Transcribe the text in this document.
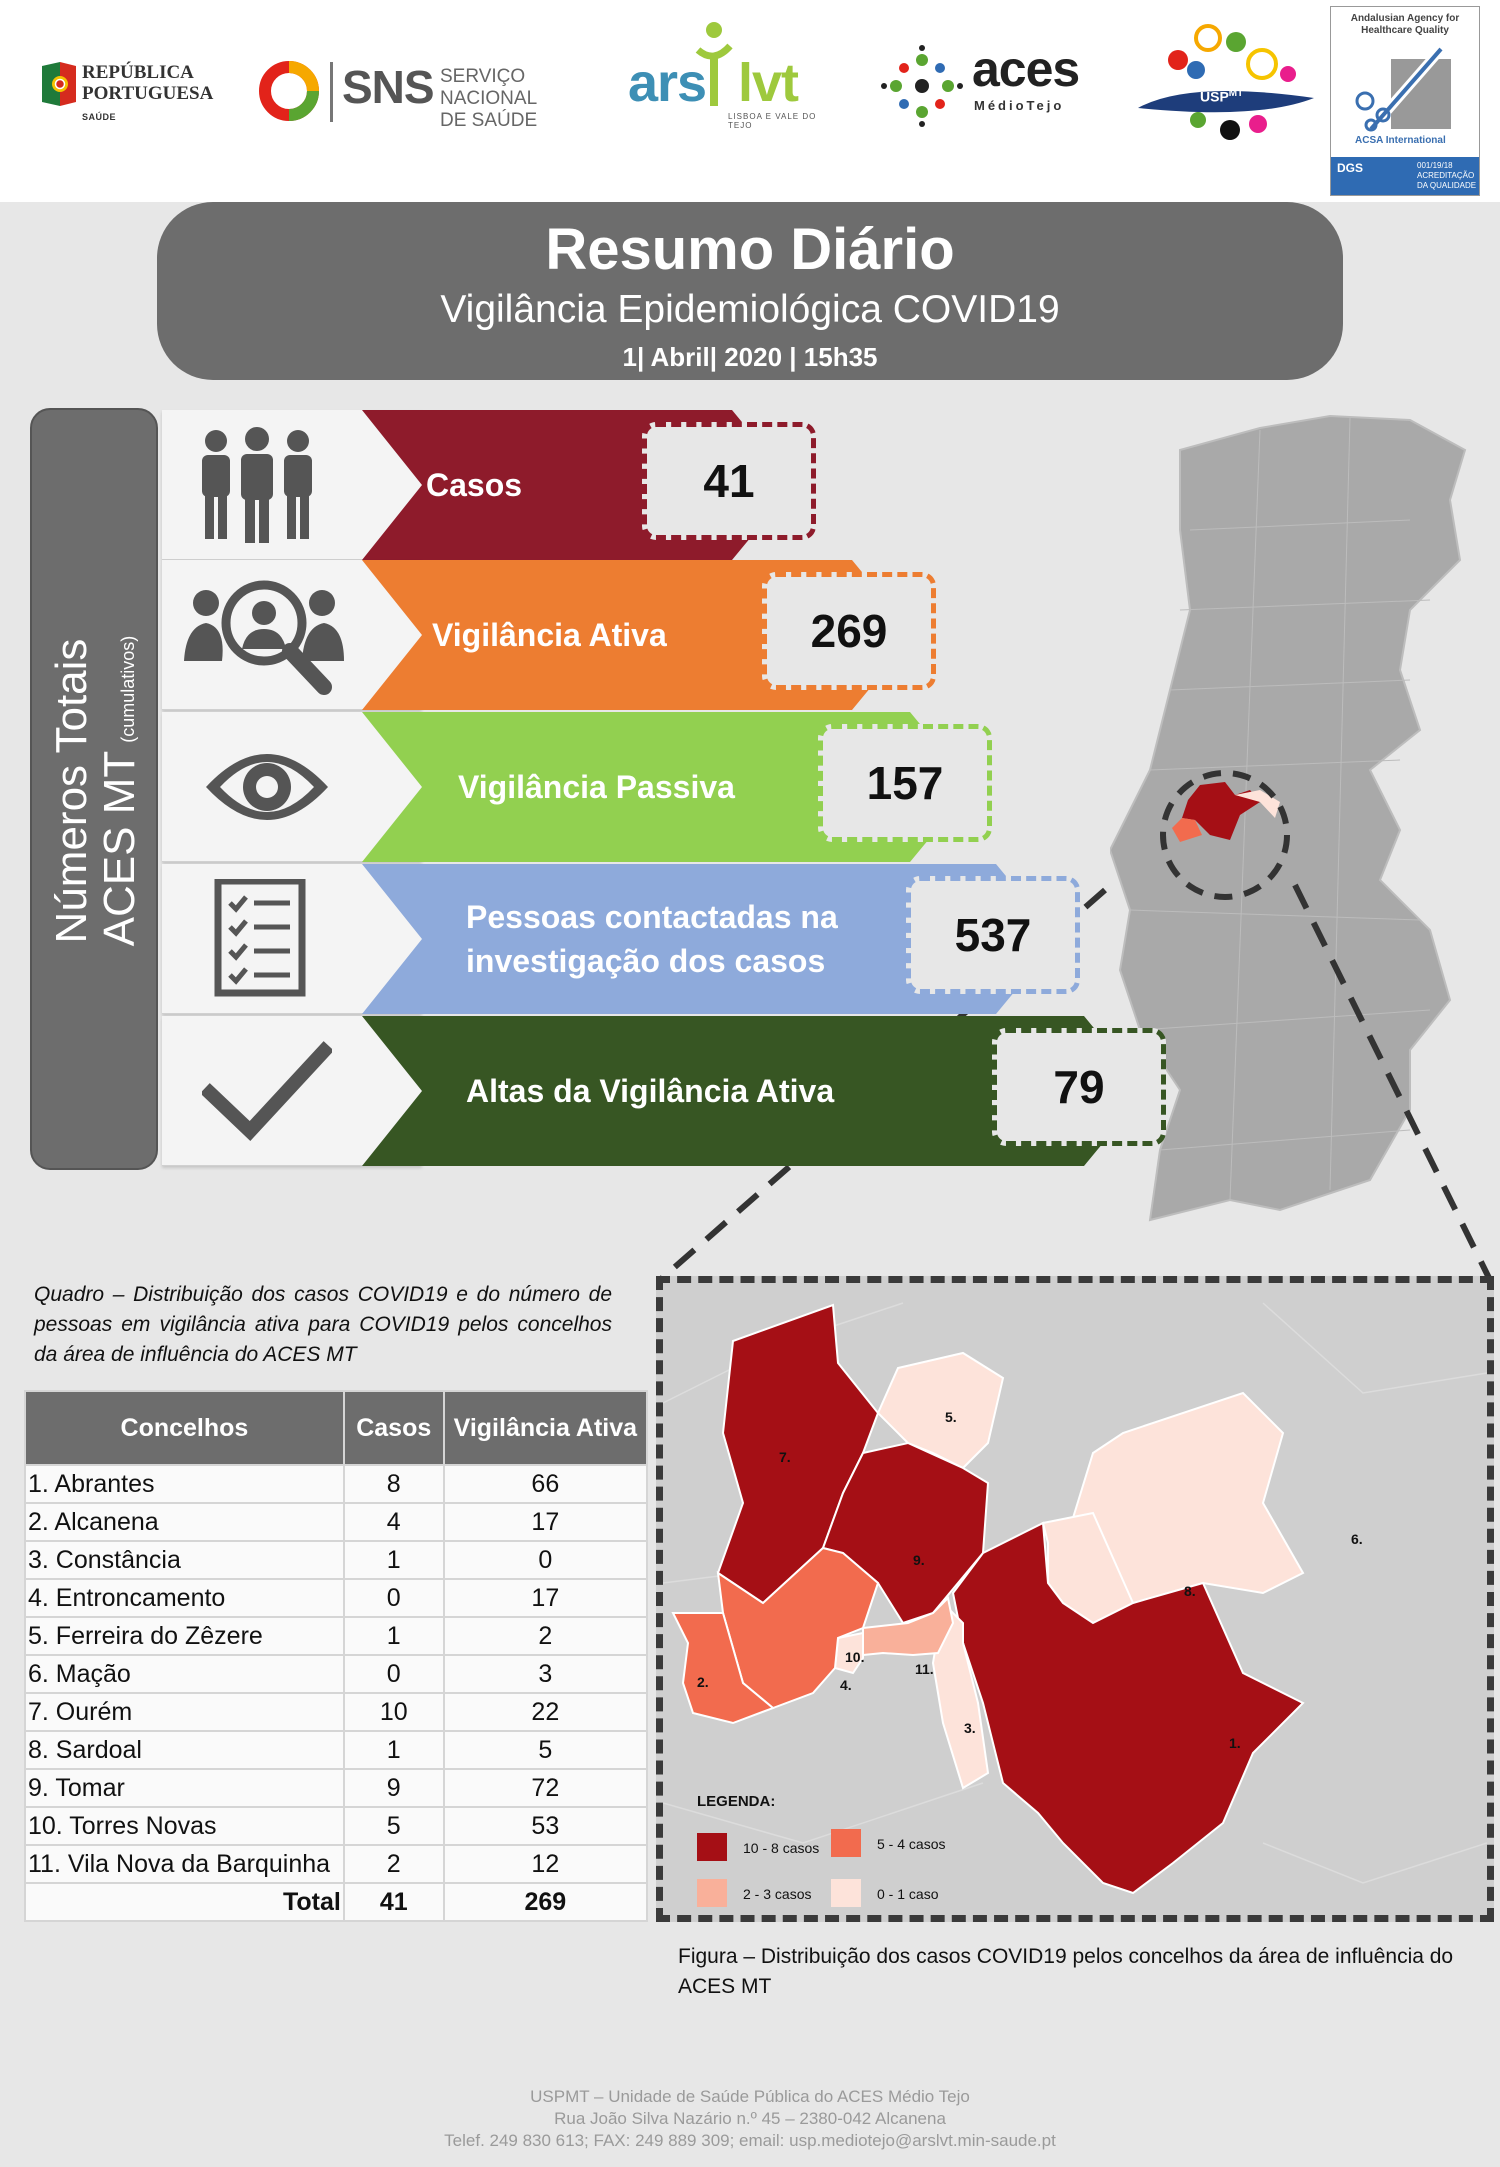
REPÚBLICA
PORTUGUESA
SAÚDE
SNS SERVIÇO NACIONAL
DE SAÚDE
ars lvt
LISBOA E VALE DO TEJO
aces
MédioTejo
$USP^{MT}$
Andalusian Agency for Healthcare Quality
ACSA International
DGS	001/19/18 ACREDITAÇÃO DA QUALIDADE
Resumo Diário
Vigilância Epidemiológica COVID19
1| Abril| 2020 | 15h35
Números Totais ACES MT(cumulativos)
Casos	41
Vigilância Ativa	269
Vigilância Passiva	157
Pessoas contactadas na
investigação dos casos	537
Altas da Vigilância Ativa	79
Quadro – Distribuição dos casos COVID19 e do número de pessoas em vigilância ativa para COVID19 pelos concelhos da área de influência do ACES MT
Concelhos	Casos	Vigilância Ativa
1. Abrantes	8	66
2. Alcanena	4	17
3. Constância	1	0
4. Entroncamento	0	17
5. Ferreira do Zêzere	1	2
6. Mação	0	3
7. Ourém	10	22
8. Sardoal	1	5
9. Tomar	9	72
10. Torres Novas	5	53
11. Vila Nova da Barquinha	2	12
Total	41	269
1.
2.
3.
4.
5.
6.
7.
8.
9.
10.
11.
LEGENDA:
10 - 8 casos	5 - 4 casos
2 - 3 casos	0 - 1 caso
Figura – Distribuição dos casos COVID19 pelos concelhos da área de influência do ACES MT
USPMT – Unidade de Saúde Pública do ACES Médio Tejo
Rua João Silva Nazário n.º 45 – 2380-042 Alcanena
Telef. 249 830 613; FAX: 249 889 309; email: usp.mediotejo@arslvt.min-saude.pt
